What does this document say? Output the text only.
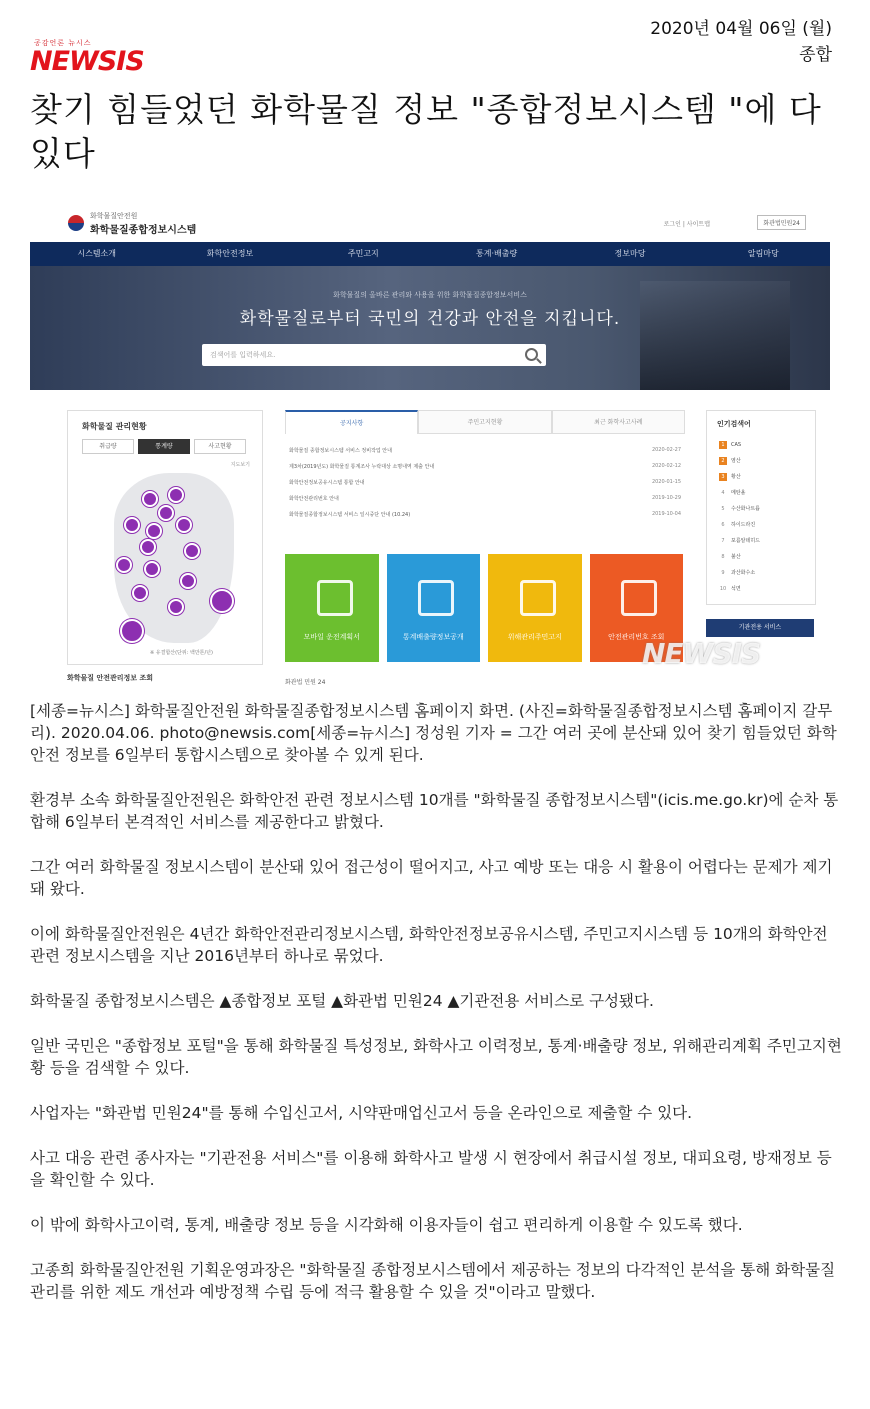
공감언론 뉴시스
NEWSIS
2020년 04월 06일 (월)
종합
찾기 힘들었던 화학물질 정보 "종합정보시스템 "에 다있다
화학물질안전원
화학물질종합정보시스템
로그인 | 사이트맵	화관법민원24
시스템소개	화학안전정보	주민고지	통계·배출량	정보마당	알림마당
화학물질의 올바른 관리와 사용을 위한 화학물질종합정보서비스
화학물질로부터 국민의 건강과 안전을 지킵니다.
검색어를 입력하세요.
화학물질 관리현황
취급량	통계량	사고현황
지도보기
※ 유결합산(단위: 백만톤/년)
화학물질 안전관리정보 조회
공지사항	주민고지현황	최근 화학사고사례
화학물질 종합정보시스템 서비스 정비작업 안내	2020-02-27
제3차(2019년도) 화학물질 통계조사 누락대상 소명내역 제출 안내	2020-02-12
화학안전정보공유시스템 통합 안내	2020-01-15
화학안전관리번호 안내	2019-10-29
화학물질종합정보시스템 서비스 일시중단 안내 (10.24)	2019-10-04
모바일 운전계획서	통계배출량정보공개	위해관리주민고지	안전관리번호 조회
화관법 민원 24
인기검색어
1 CAS
2 염산
3 황산
4 메탄올
5 수산화나트륨
6 하이드라진
7 포름알데히드
8 불산
9 과산화수소
10 석면
기관전용 서비스
NEWSIS

[세종=뉴시스] 화학물질안전원 화학물질종합정보시스템 홈페이지 화면. (사진=화학물질종합정보시스템 홈페이지 갈무리). 2020.04.06. photo@newsis.com[세종=뉴시스] 정성원 기자 = 그간 여러 곳에 분산돼 있어 찾기 힘들었던 화학안전 정보를 6일부터 통합시스템으로 찾아볼 수 있게 된다.

환경부 소속 화학물질안전원은 화학안전 관련 정보시스템 10개를 "화학물질 종합정보시스템"(icis.me.go.kr)에 순차 통합해 6일부터 본격적인 서비스를 제공한다고 밝혔다.

그간 여러 화학물질 정보시스템이 분산돼 있어 접근성이 떨어지고, 사고 예방 또는 대응 시 활용이 어렵다는 문제가 제기돼 왔다.

이에 화학물질안전원은 4년간 화학안전관리정보시스템, 화학안전정보공유시스템, 주민고지시스템 등 10개의 화학안전 관련 정보시스템을 지난 2016년부터 하나로 묶었다.

화학물질 종합정보시스템은 ▲종합정보 포털 ▲화관법 민원24 ▲기관전용 서비스로 구성됐다.

일반 국민은 "종합정보 포털"을 통해 화학물질 특성정보, 화학사고 이력정보, 통계·배출량 정보, 위해관리계획 주민고지현황 등을 검색할 수 있다.

사업자는 "화관법 민원24"를 통해 수입신고서, 시약판매업신고서 등을 온라인으로 제출할 수 있다.

사고 대응 관련 종사자는 "기관전용 서비스"를 이용해 화학사고 발생 시 현장에서 취급시설 정보, 대피요령, 방재정보 등을 확인할 수 있다.

이 밖에 화학사고이력, 통계, 배출량 정보 등을 시각화해 이용자들이 쉽고 편리하게 이용할 수 있도록 했다.

고종희 화학물질안전원 기획운영과장은 "화학물질 종합정보시스템에서 제공하는 정보의 다각적인 분석을 통해 화학물질 관리를 위한 제도 개선과 예방정책 수립 등에 적극 활용할 수 있을 것"이라고 말했다.
